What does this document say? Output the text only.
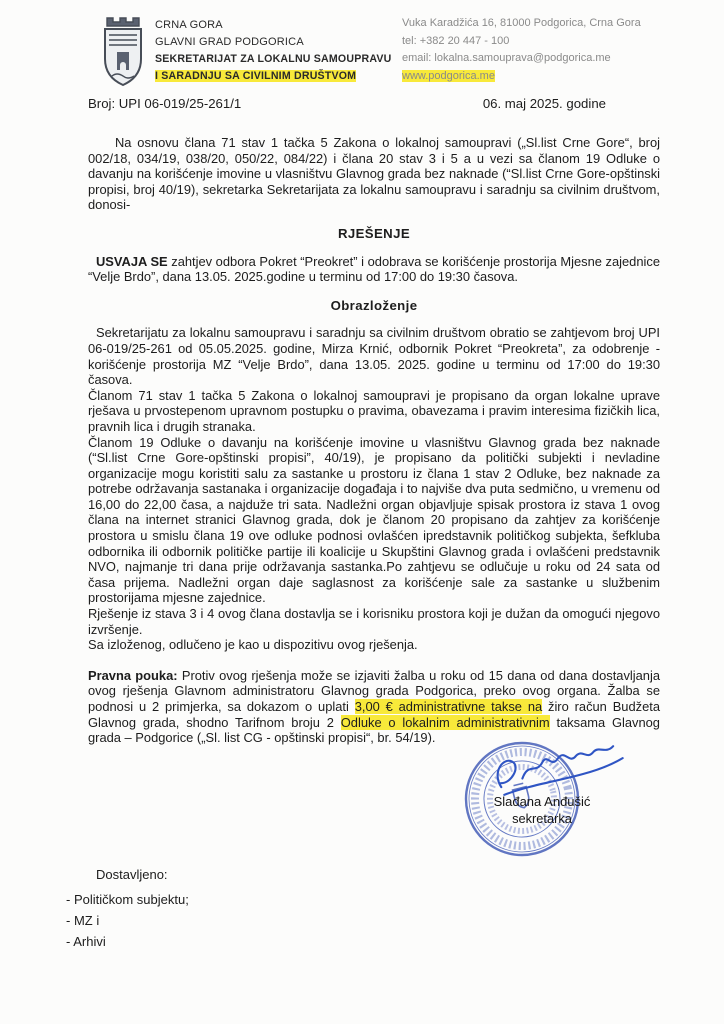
CRNA GORA
GLAVNI GRAD PODGORICA
SEKRETARIJAT ZA LOKALNU SAMOUPRAVU
I SARADNJU SA CIVILNIM DRUŠTVOM
Vuka Karadžića 16, 81000 Podgorica, Crna Gora
tel: +382 20 447 - 100
email: lokalna.samouprava@podgorica.me
www.podgorica.me
Broj: UPI 06-019/25-261/1	06. maj 2025. godine

Na osnovu člana 71 stav 1 tačka 5 Zakona o lokalnoj samoupravi („Sl.list Crne Gore“, broj 002/18, 034/19, 038/20, 050/22, 084/22) i člana 20 stav 3 i 5 a u vezi sa članom 19 Odluke o davanju na korišćenje imovine u vlasništvu Glavnog grada bez naknade (“Sl.list Crne Gore-opštinski propisi, broj 40/19), sekretarka Sekretarijata za lokalnu samoupravu i saradnju sa civilnim društvom, donosi-

RJEŠENJE

USVAJA SE zahtjev odbora Pokret “Preokret” i odobrava se korišćenje prostorija Mjesne zajednice “Velje Brdo”, dana 13.05. 2025.godine u terminu od 17:00 do 19:30 časova.

Obrazloženje

Sekretarijatu za lokalnu samoupravu i saradnju sa civilnim društvom obratio se zahtjevom broj UPI 06-019/25-261 od 05.05.2025. godine, Mirza Krnić, odbornik Pokret “Preokreta”, za odobrenje - korišćenje prostorija MZ “Velje Brdo”, dana 13.05. 2025. godine u terminu od 17:00 do 19:30 časova.

Članom 71 stav 1 tačka 5 Zakona o lokalnoj samoupravi je propisano da organ lokalne uprave rješava u prvostepenom upravnom postupku o pravima, obavezama i pravim interesima fizičkih lica, pravnih lica i drugih stranaka.

Članom 19 Odluke o davanju na korišćenje imovine u vlasništvu Glavnog grada bez naknade (“Sl.list Crne Gore-opštinski propisi”, 40/19), je propisano da politički subjekti i nevladine organizacije mogu koristiti salu za sastanke u prostoru iz člana 1 stav 2 Odluke, bez naknade za potrebe održavanja sastanaka i organizacije događaja i to najviše dva puta sedmično, u vremenu od 16,00 do 22,00 časa, a najduže tri sata. Nadležni organ objavljuje spisak prostora iz stava 1 ovog člana na internet stranici Glavnog grada, dok je članom 20 propisano da zahtjev za korišćenje prostora u smislu člana 19 ove odluke podnosi ovlašćen ipredstavnik političkog subjekta, šefkluba odbornika ili odbornik političke partije ili koalicije u Skupštini Glavnog grada i ovlašćeni predstavnik NVO, najmanje tri dana prije održavanja sastanka.Po zahtjevu se odlučuje u roku od 24 sata od časa prijema. Nadležni organ daje saglasnost za korišćenje sale za sastanke u službenim prostorijama mjesne zajednice.

Rješenje iz stava 3 i 4 ovog člana dostavlja se i korisniku prostora koji je dužan da omogući njegovo izvršenje.

Sa izloženog, odlučeno je kao u dispozitivu ovog rješenja.

Pravna pouka: Protiv ovog rješenja može se izjaviti žalba u roku od 15 dana od dana dostavljanja ovog rješenja Glavnom administratoru Glavnog grada Podgorica, preko ovog organa. Žalba se podnosi u 2 primjerka, sa dokazom o uplati 3,00 € administrativne takse na žiro račun Budžeta Glavnog grada, shodno Tarifnom broju 2 Odluke o lokalnim administrativnim taksama Glavnog grada – Podgorice („Sl. list CG - opštinski propisi“, br. 54/19).

Slađana Anđušić
sekretarka
Dostavljeno:
- Političkom subjektu;
- MZ i
- Arhivi
